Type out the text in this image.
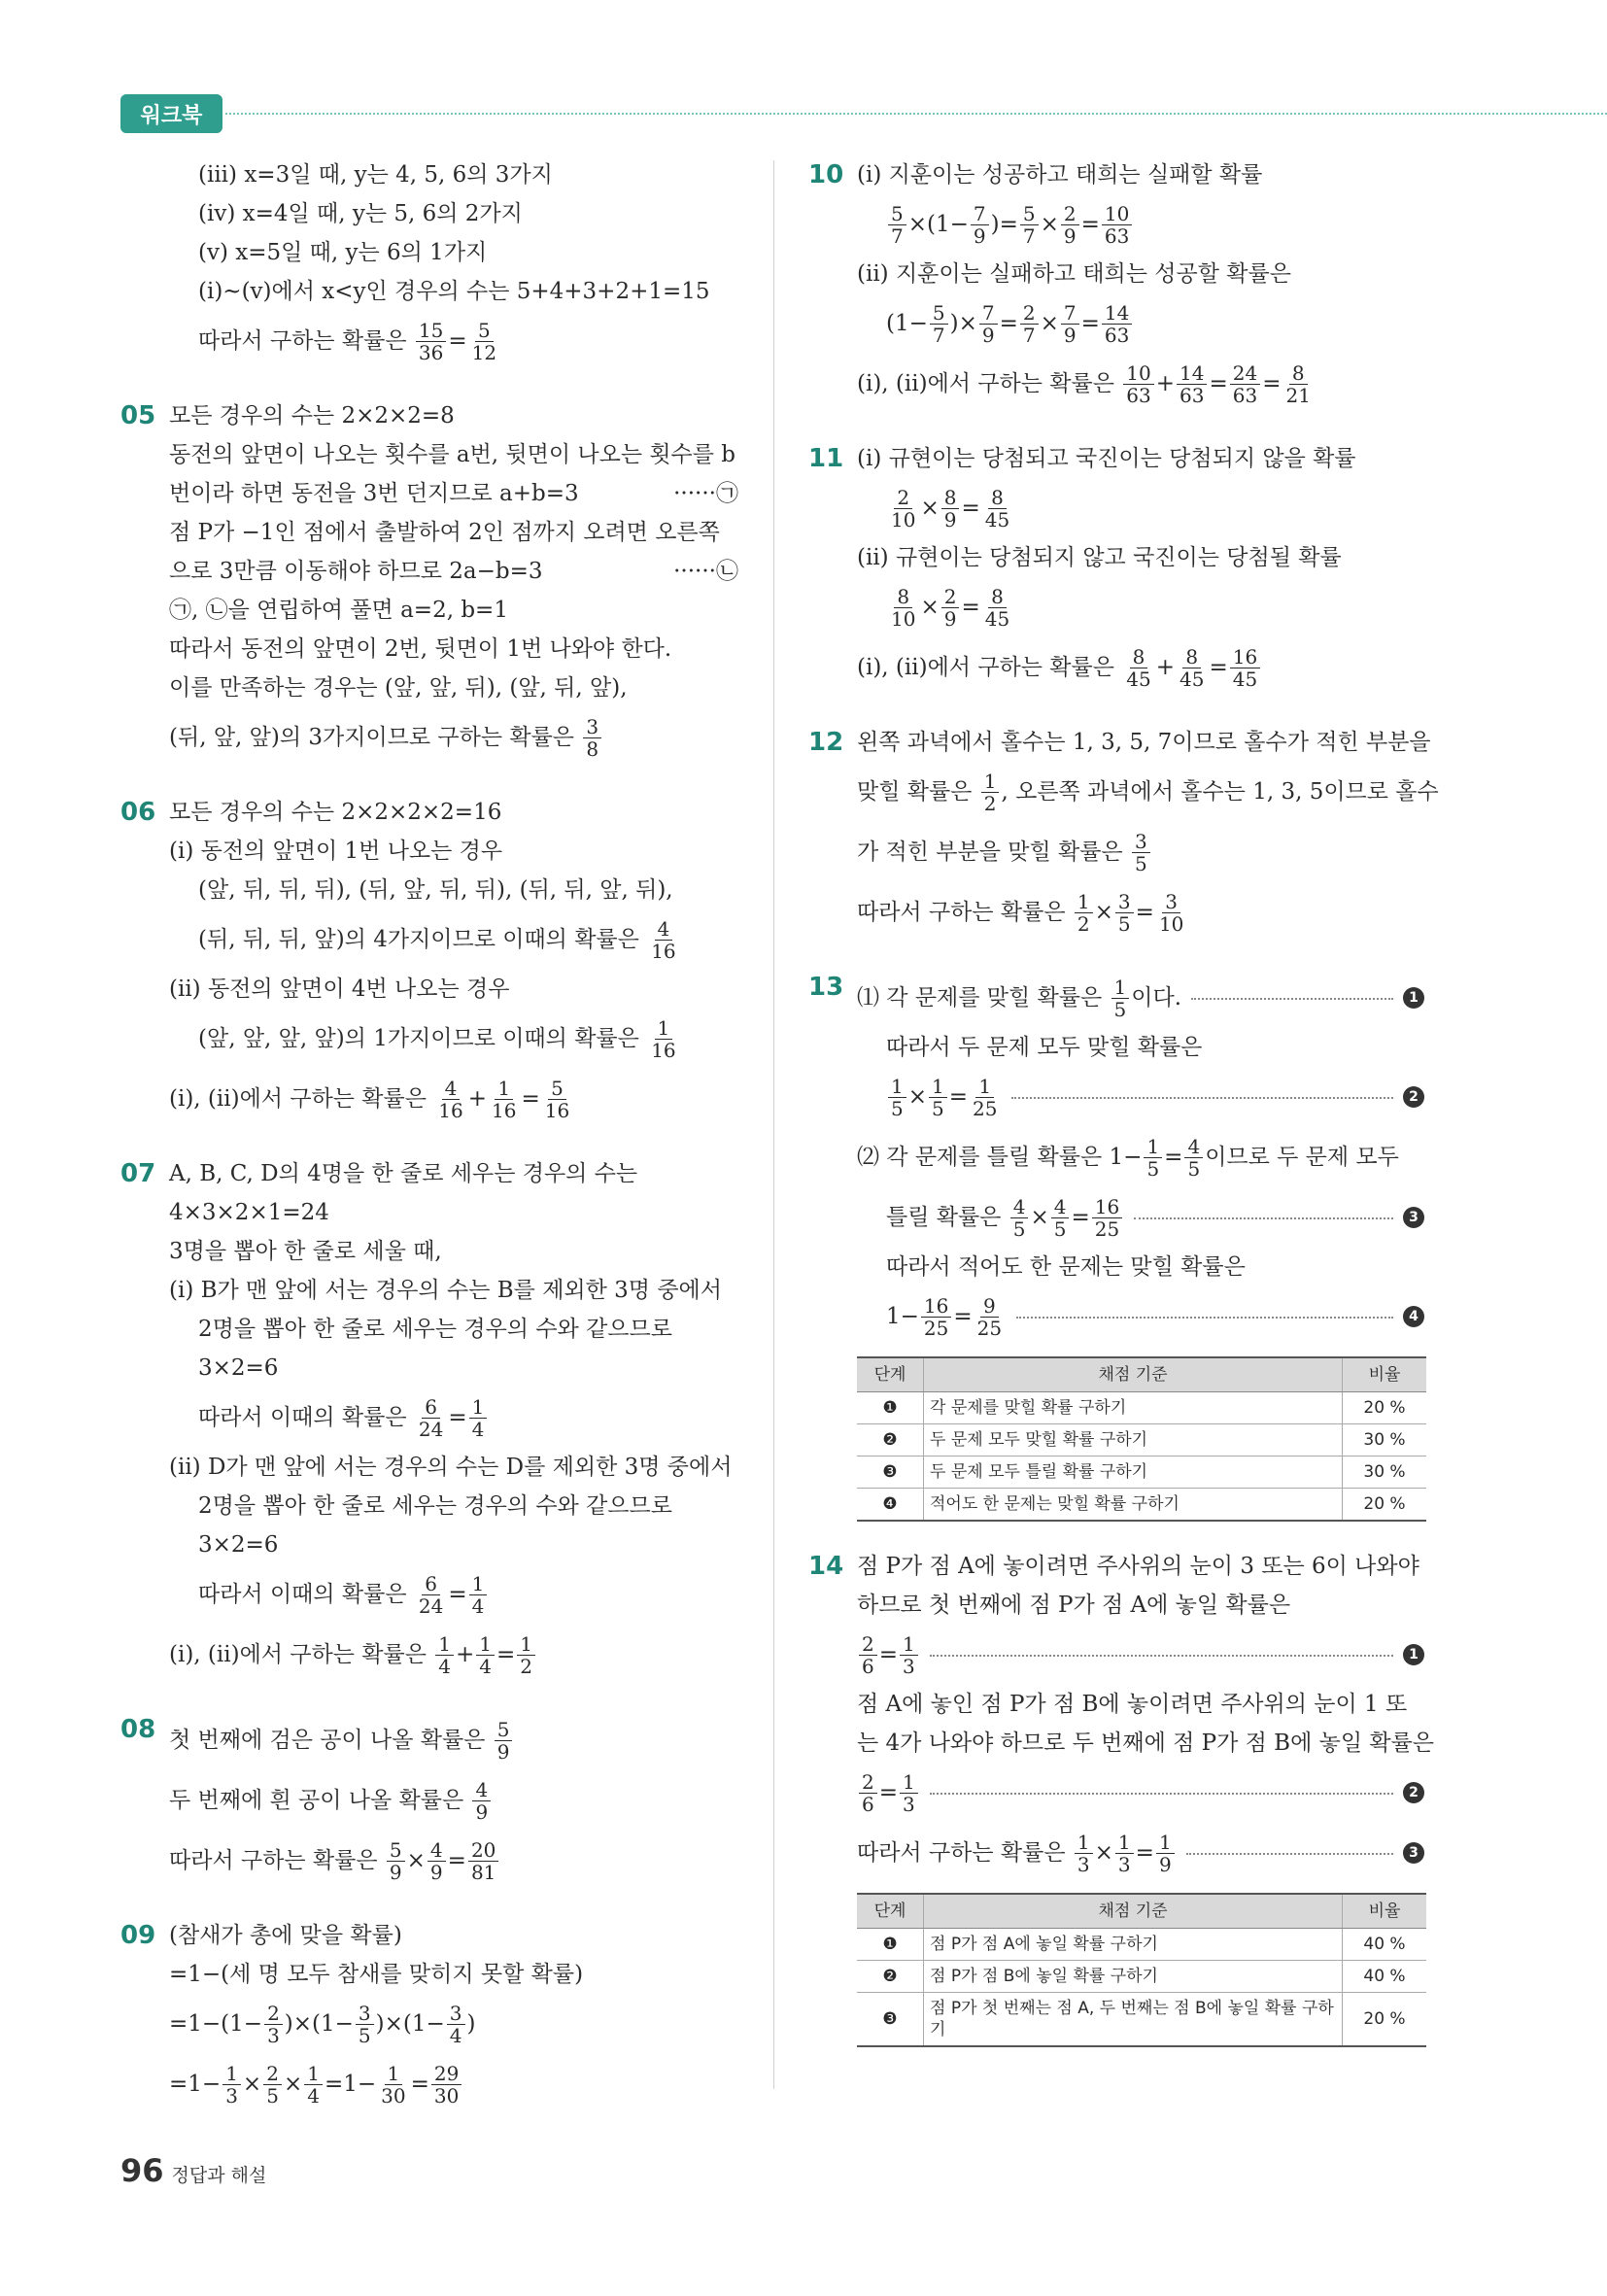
워크북
(iii) x=3일 때, y는 4, 5, 6의 3가지
(iv) x=4일 때, y는 5, 6의 2가지
(v) x=5일 때, y는 6의 1가지
(i)~(v)에서 x<y인 경우의 수는 5+4+3+2+1=15
따라서 구하는 확률은
15
36 = 5
12
05 모든 경우의 수는 2×2×2=8
동전의 앞면이 나오는 횟수를 a번, 뒷면이 나오는 횟수를 b
번이라 하면 동전을 3번 던지므로 a+b=3	······㉠
점 P가 −1인 점에서 출발하여 2인 점까지 오려면 오른쪽
으로 3만큼 이동해야 하므로 2a−b=3	······㉡
㉠, ㉡을 연립하여 풀면 a=2, b=1
따라서 동전의 앞면이 2번, 뒷면이 1번 나와야 한다.
이를 만족하는 경우는 (앞, 앞, 뒤), (앞, 뒤, 앞),
(뒤, 앞, 앞)의 3가지이므로 구하는 확률은
3
8
06 모든 경우의 수는 2×2×2×2=16
(i) 동전의 앞면이 1번 나오는 경우
(앞, 뒤, 뒤, 뒤), (뒤, 앞, 뒤, 뒤), (뒤, 뒤, 앞, 뒤),
(뒤, 뒤, 뒤, 앞)의 4가지이므로 이때의 확률은
4
16
(ii) 동전의 앞면이 4번 나오는 경우
(앞, 앞, 앞, 앞)의 1가지이므로 이때의 확률은
1
16
(i), (ii)에서 구하는 확률은
4
16 + 1
16 = 5
16
07 A, B, C, D의 4명을 한 줄로 세우는 경우의 수는
4×3×2×1=24
3명을 뽑아 한 줄로 세울 때,
(i) B가 맨 앞에 서는 경우의 수는 B를 제외한 3명 중에서
2명을 뽑아 한 줄로 세우는 경우의 수와 같으므로
3×2=6
따라서 이때의 확률은
6
24 = 1
4
(ii) D가 맨 앞에 서는 경우의 수는 D를 제외한 3명 중에서
2명을 뽑아 한 줄로 세우는 경우의 수와 같으므로
3×2=6
따라서 이때의 확률은
6
24 = 1
4
(i), (ii)에서 구하는 확률은
1
4 + 1
4 = 1
2
08 첫 번째에 검은 공이 나올 확률은
5
9
두 번째에 흰 공이 나올 확률은
4
9
따라서 구하는 확률은
5
9 × 4
9 = 20
81
09 (참새가 총에 맞을 확률)
=1−(세 명 모두 참새를 맞히지 못할 확률)
=1−(1− 2
3 )×(1− 3
5 )×(1− 3
4 )
=1− 1
3 × 2
5 × 1
4 =1− 1
30 = 29
30
10 (i) 지훈이는 성공하고 태희는 실패할 확률
5
7 ×(1− 7
9 )= 5
7 × 2
9 = 10
63
(ii) 지훈이는 실패하고 태희는 성공할 확률은
(1− 5
7 )× 7
9 = 2
7 × 7
9 = 14
63
(i), (ii)에서 구하는 확률은
10
63 + 14
63 = 24
63 = 8
21
11 (i) 규현이는 당첨되고 국진이는 당첨되지 않을 확률
2
10 × 8
9 = 8
45
(ii) 규현이는 당첨되지 않고 국진이는 당첨될 확률
8
10 × 2
9 = 8
45
(i), (ii)에서 구하는 확률은
8
45 + 8
45 = 16
45
12 왼쪽 과녁에서 홀수는 1, 3, 5, 7이므로 홀수가 적힌 부분을
맞힐 확률은
1
2 , 오른쪽 과녁에서 홀수는 1, 3, 5이므로 홀수
가 적힌 부분을 맞힐 확률은
3
5
따라서 구하는 확률은
1
2 × 3
5 = 3
10
13 ⑴ 각 문제를 맞힐 확률은
1
5 이다.	1
따라서 두 문제 모두 맞힐 확률은
1
5 × 1
5 = 1
25	2
⑵ 각 문제를 틀릴 확률은 $1- \frac{1}{5} = 4$
5 이므로 두 문제 모두
틀릴 확률은
4
5 × 4
5 = 16
25	3
따라서 적어도 한 문제는 맞힐 확률은
1− 16
25 = 9
25	4
단계	채점 기준	비율
❶	각 문제를 맞힐 확률 구하기	20 %
❷	두 문제 모두 맞힐 확률 구하기	30 %
❸	두 문제 모두 틀릴 확률 구하기	30 %
❹	적어도 한 문제는 맞힐 확률 구하기	20 %
14 점 P가 점 A에 놓이려면 주사위의 눈이 3 또는 6이 나와야
하므로 첫 번째에 점 P가 점 A에 놓일 확률은
2
6 = 1
3	1
점 A에 놓인 점 P가 점 B에 놓이려면 주사위의 눈이 1 또
는 4가 나와야 하므로 두 번째에 점 P가 점 B에 놓일 확률은
2
6 = 1
3	2
따라서 구하는 확률은
1
3 × 1
3 = 1
9	3
단계	채점 기준	비율
❶	점 P가 점 A에 놓일 확률 구하기	40 %
❷	점 P가 점 B에 놓일 확률 구하기	40 %
❸	점 P가 첫 번째는 점 A, 두 번째는 점 B에 놓일 확률 구하기	20 %
96 정답과 해설
